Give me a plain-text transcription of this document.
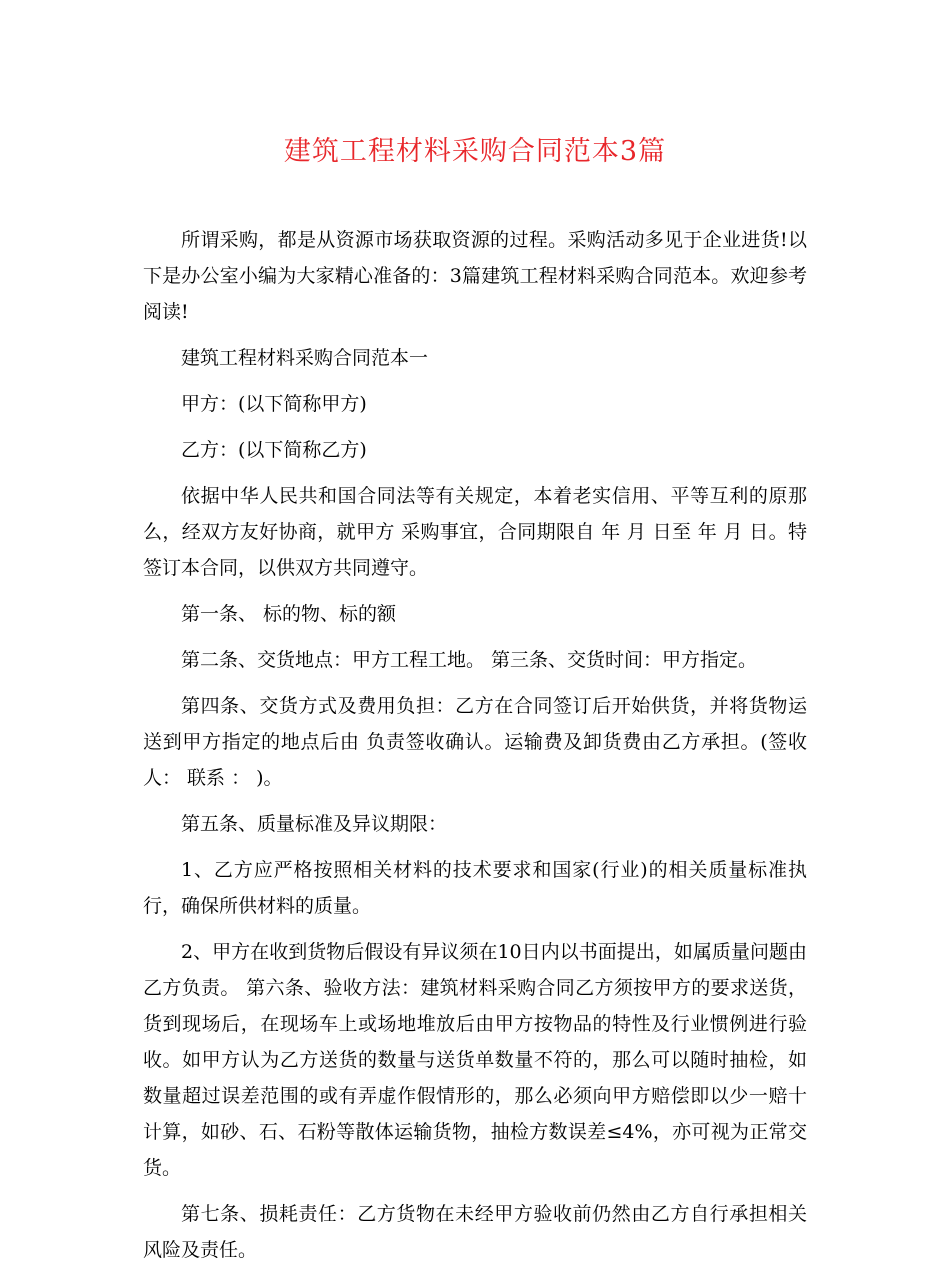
建筑工程材料采购合同范本3篇

所谓采购，都是从资源市场获取资源的过程。采购活动多见于企业进货!以下是办公室小编为大家精心准备的：3篇建筑工程材料采购合同范本。欢迎参考阅读!

建筑工程材料采购合同范本一

甲方：(以下简称甲方)

乙方：(以下简称乙方)

依据中华人民共和国合同法等有关规定，本着老实信用、平等互利的原那么，经双方友好协商，就甲方 采购事宜，合同期限自 年 月 日至 年 月 日。特签订本合同，以供双方共同遵守。

第一条、 标的物、标的额

第二条、交货地点：甲方工程工地。 第三条、交货时间：甲方指定。

第四条、交货方式及费用负担：乙方在合同签订后开始供货，并将货物运送到甲方指定的地点后由 负责签收确认。运输费及卸货费由乙方承担。(签收人： 联系 ： )。

第五条、质量标准及异议期限：

1、乙方应严格按照相关材料的技术要求和国家(行业)的相关质量标准执行，确保所供材料的质量。

2、甲方在收到货物后假设有异议须在10日内以书面提出，如属质量问题由乙方负责。 第六条、验收方法：建筑材料采购合同乙方须按甲方的要求送货，货到现场后，在现场车上或场地堆放后由甲方按物品的特性及行业惯例进行验收。如甲方认为乙方送货的数量与送货单数量不符的，那么可以随时抽检，如数量超过误差范围的或有弄虚作假情形的，那么必须向甲方赔偿即以少一赔十计算，如砂、石、石粉等散体运输货物，抽检方数误差≤4%，亦可视为正常交货。

第七条、损耗责任：乙方货物在未经甲方验收前仍然由乙方自行承担相关风险及责任。
